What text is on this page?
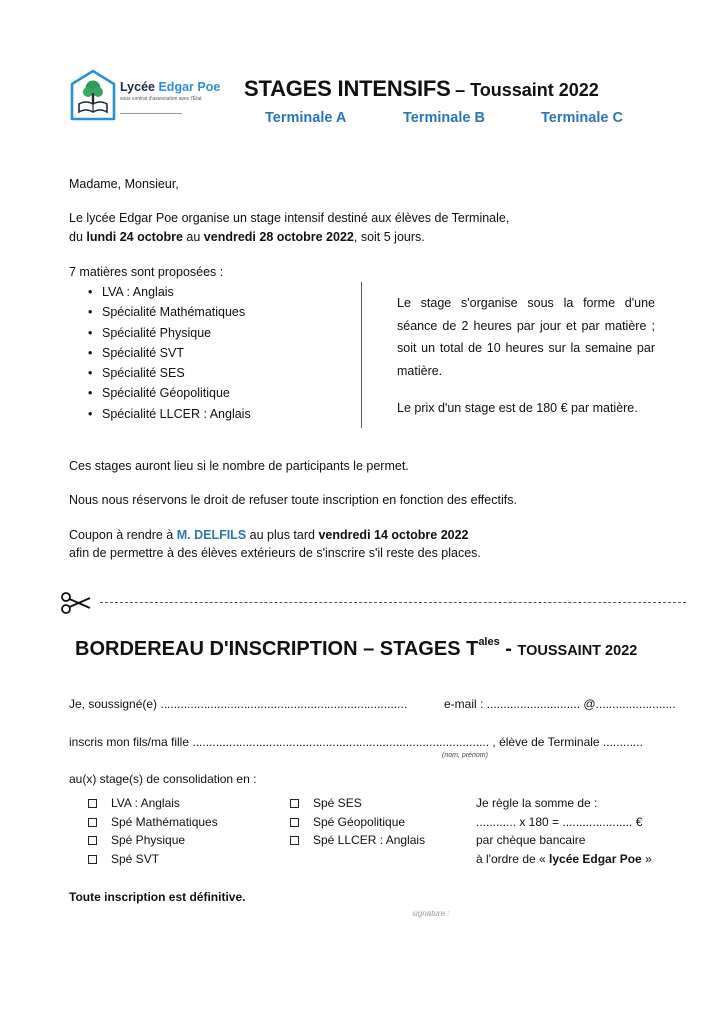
Lycée Edgar Poe
sous contrat d'association avec l'État STAGES INTENSIFS – Toussaint 2022
Terminale A	Terminale B	Terminale C
Madame, Monsieur,
Le lycée Edgar Poe organise un stage intensif destiné aux élèves de Terminale,
du lundi 24 octobre au vendredi 28 octobre 2022, soit 5 jours.
7 matières sont proposées :
• LVA : Anglais
• Spécialité Mathématiques
• Spécialité Physique
• Spécialité SVT
• Spécialité SES
• Spécialité Géopolitique
• Spécialité LLCER : Anglais
Le stage s'organise sous la forme d'une séance de 2 heures par jour et par matière ; soit un total de 10 heures sur la semaine par matière.
Le prix d'un stage est de 180 € par matière.
Ces stages auront lieu si le nombre de participants le permet.
Nous nous réservons le droit de refuser toute inscription en fonction des effectifs.
Coupon à rendre à M. DELFILS au plus tard vendredi 14 octobre 2022
afin de permettre à des élèves extérieurs de s'inscrire s'il reste des places.
BORDEREAU D'INSCRIPTION – STAGES $T^{ales}$ - TOUSSAINT 2022
Je, soussigné(e) ..........................................................................	e-mail : ............................ @........................
inscris mon fils/ma fille ......................................................................................... , élève de Terminale ............
(nom, prénom)
au(x) stage(s) de consolidation en :
LVA : Anglais
Spé Mathématiques
Spé Physique
Spé SVT
Spé SES
Spé Géopolitique
Spé LLCER : Anglais
Je règle la somme de :
............ x 180 = ..................... €
par chèque bancaire
à l'ordre de « lycée Edgar Poe »
Toute inscription est définitive.
signature :
